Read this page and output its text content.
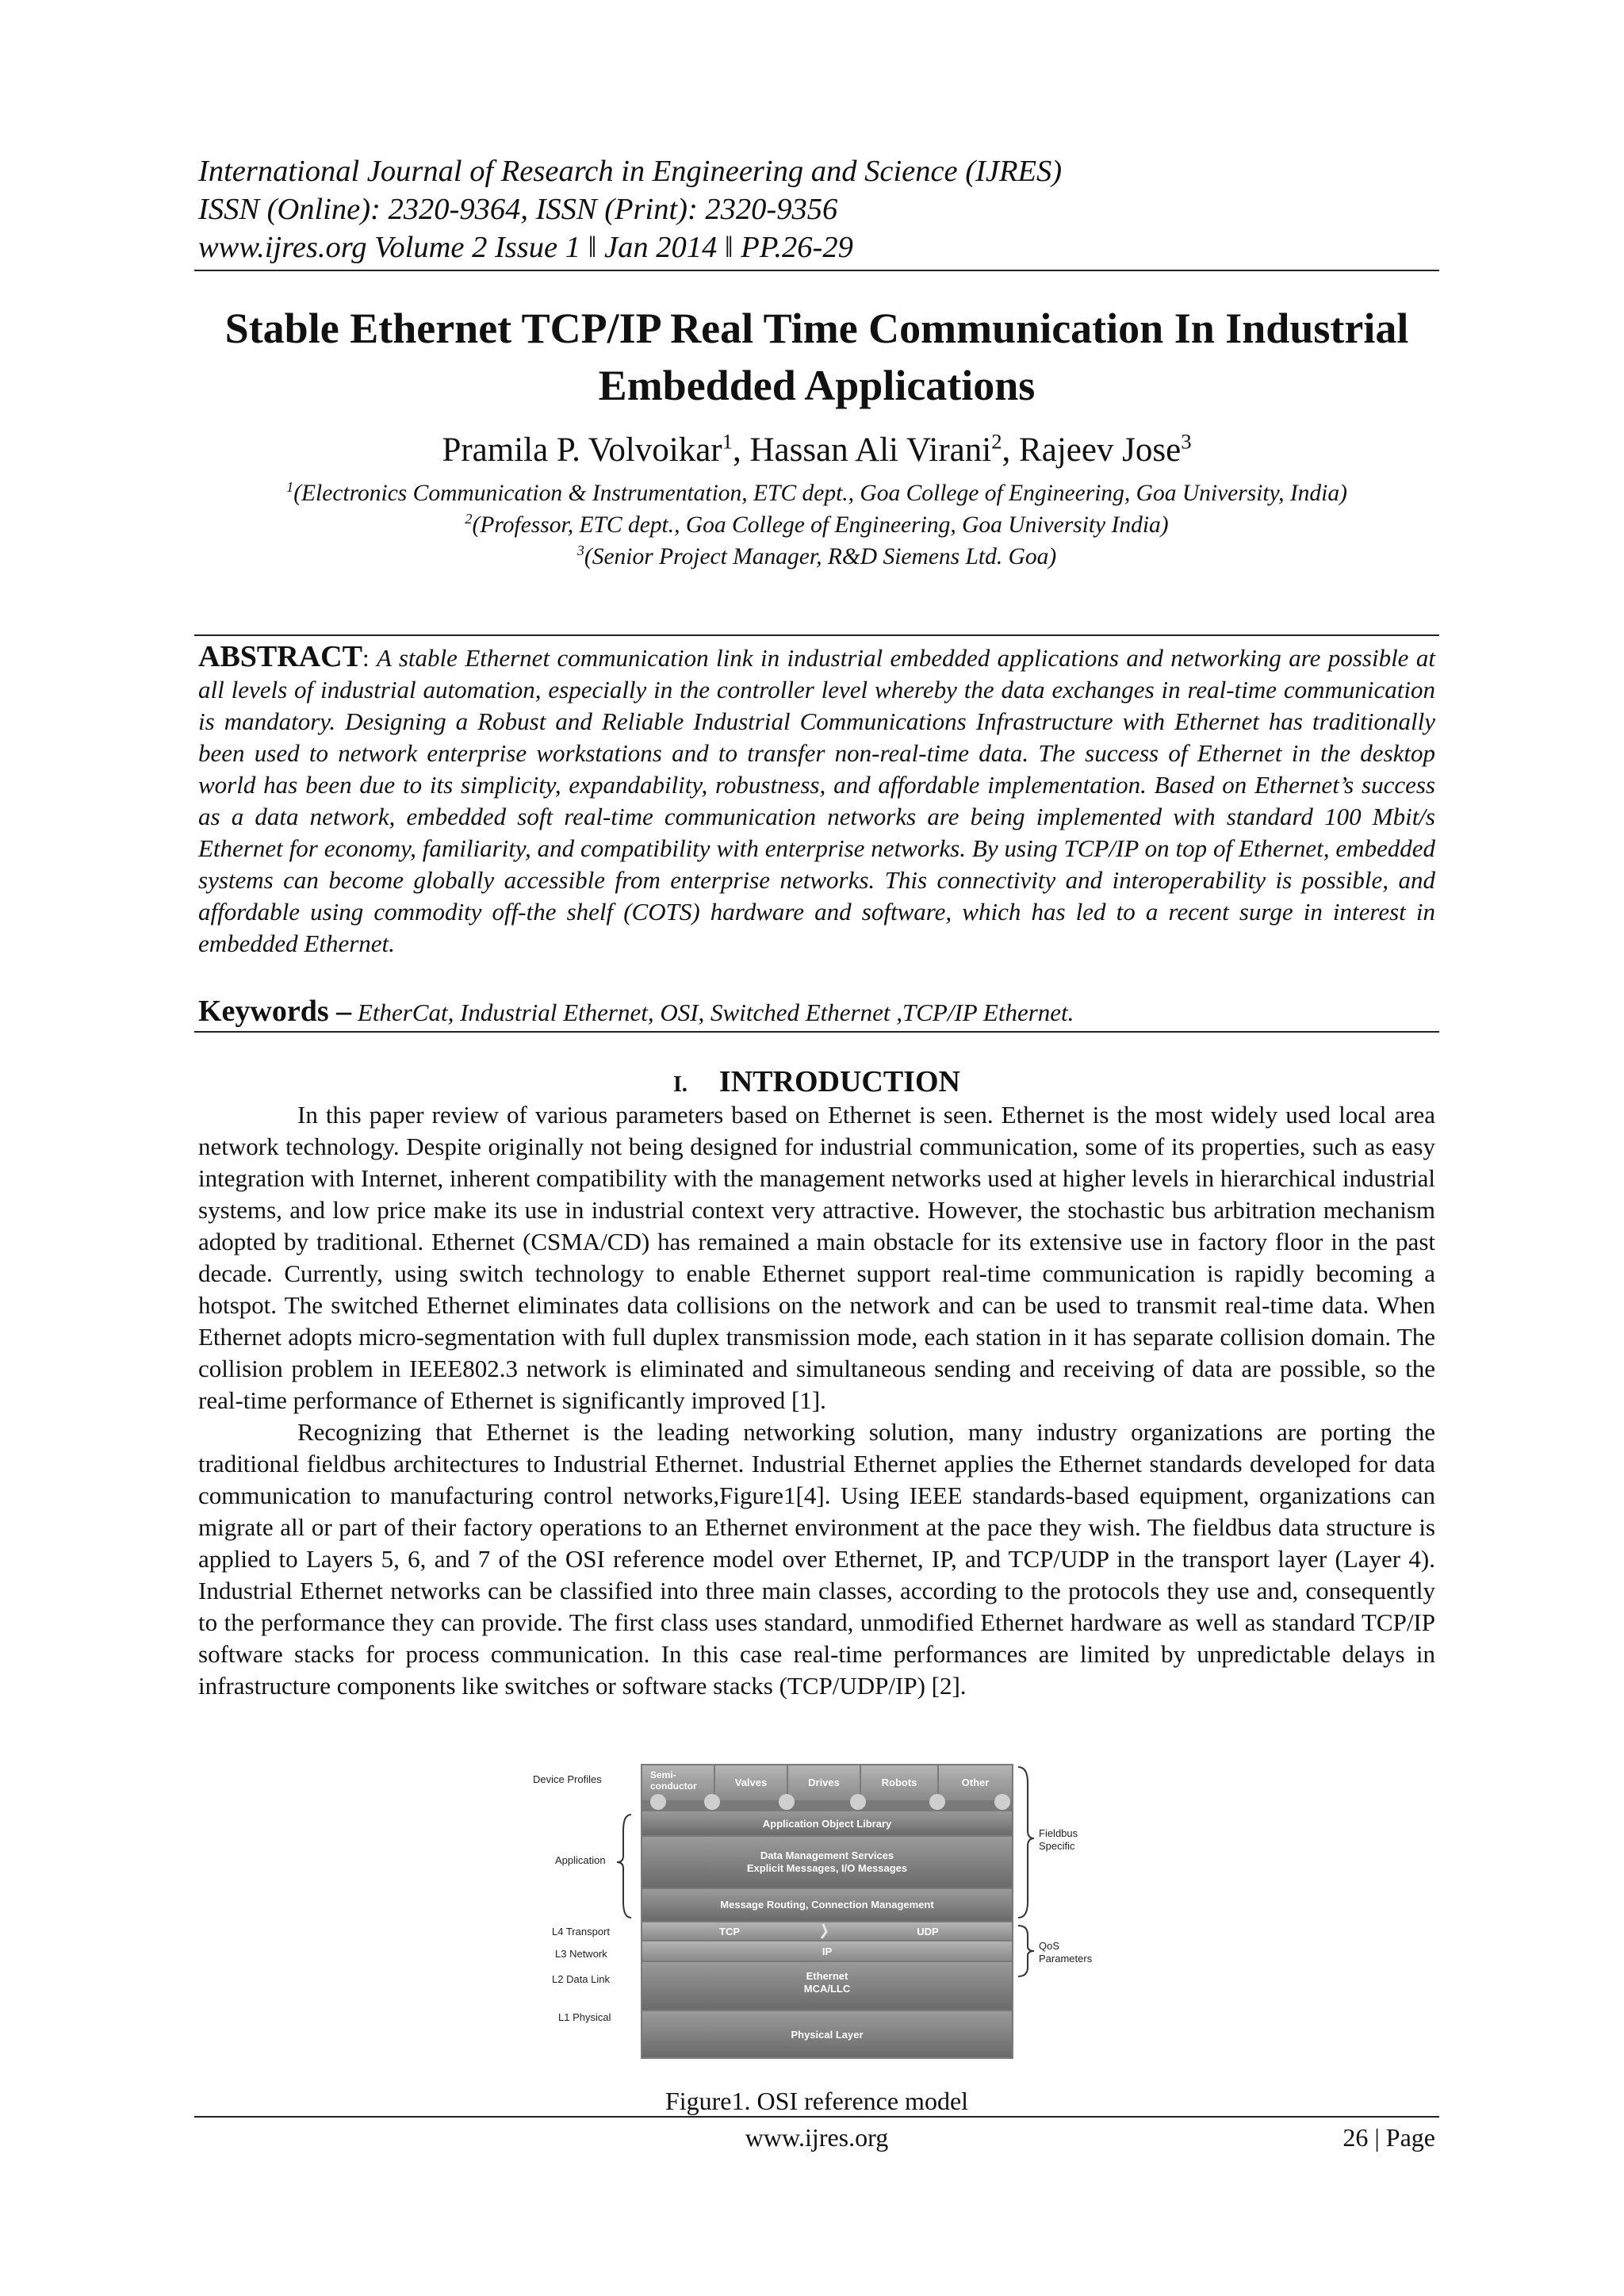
International Journal of Research in Engineering and Science (IJRES)
ISSN (Online): 2320-9364, ISSN (Print): 2320-9356
www.ijres.org Volume 2 Issue 1 ǁ Jan 2014 ǁ PP.26-29
Stable Ethernet TCP/IP Real Time Communication In Industrial
Embedded Applications
Pramila P. Volvoikar$^1$, Hassan Ali Virani$^2$, Rajeev Jose$^3$

$^1$(Electronics Communication & Instrumentation, ETC dept., Goa College of Engineering, Goa University, India)

$^2$(Professor, ETC dept., Goa College of Engineering, Goa University India)

$^3$(Senior Project Manager, R&D Siemens Ltd. Goa)

ABSTRACT: A stable Ethernet communication link in industrial embedded applications and networking are possible at all levels of industrial automation, especially in the controller level whereby the data exchanges in real-time communication is mandatory. Designing a Robust and Reliable Industrial Communications Infrastructure with Ethernet has traditionally been used to network enterprise workstations and to transfer non-real-time data. The success of Ethernet in the desktop world has been due to its simplicity, expandability, robustness, and affordable implementation. Based on Ethernet’s success as a data network, embedded soft real-time communication networks are being implemented with standard 100 Mbit/s Ethernet for economy, familiarity, and compatibility with enterprise networks. By using TCP/IP on top of Ethernet, embedded systems can become globally accessible from enterprise networks. This connectivity and interoperability is possible, and affordable using commodity off-the shelf (COTS) hardware and software, which has led to a recent surge in interest in embedded Ethernet.
Keywords – EtherCat, Industrial Ethernet, OSI, Switched Ethernet ,TCP/IP Ethernet.
I. INTRODUCTION

In this paper review of various parameters based on Ethernet is seen. Ethernet is the most widely used local area network technology. Despite originally not being designed for industrial communication, some of its properties, such as easy integration with Internet, inherent compatibility with the management networks used at higher levels in hierarchical industrial systems, and low price make its use in industrial context very attractive. However, the stochastic bus arbitration mechanism adopted by traditional. Ethernet (CSMA/CD) has remained a main obstacle for its extensive use in factory floor in the past decade. Currently, using switch technology to enable Ethernet support real-time communication is rapidly becoming a hotspot. The switched Ethernet eliminates data collisions on the network and can be used to transmit real-time data. When Ethernet adopts micro-segmentation with full duplex transmission mode, each station in it has separate collision domain. The collision problem in IEEE802.3 network is eliminated and simultaneous sending and receiving of data are possible, so the real-time performance of Ethernet is significantly improved [1].

Recognizing that Ethernet is the leading networking solution, many industry organizations are porting the traditional fieldbus architectures to Industrial Ethernet. Industrial Ethernet applies the Ethernet standards developed for data communication to manufacturing control networks,Figure1[4]. Using IEEE standards-based equipment, organizations can migrate all or part of their factory operations to an Ethernet environment at the pace they wish. The fieldbus data structure is applied to Layers 5, 6, and 7 of the OSI reference model over Ethernet, IP, and TCP/UDP in the transport layer (Layer 4). Industrial Ethernet networks can be classified into three main classes, according to the protocols they use and, consequently to the performance they can provide. The first class uses standard, unmodified Ethernet hardware as well as standard TCP/IP software stacks for process communication. In this case real-time performances are limited by unpredictable delays in infrastructure components like switches or software stacks (TCP/UDP/IP) [2].

Semi-
conductor	Valves	Drives	Robots	Other
Application Object Library
Data Management Services
Explicit Messages, I/O Messages
Message Routing, Connection Management
TCP	UDP
IP
Ethernet
MCA/LLC
Physical Layer
Device Profiles
Application
L4 Transport
L3 Network
L2 Data Link
L1 Physical
Fieldbus
Specific
QoS
Parameters
Figure1. OSI reference model
www.ijres.org	26 | Page
